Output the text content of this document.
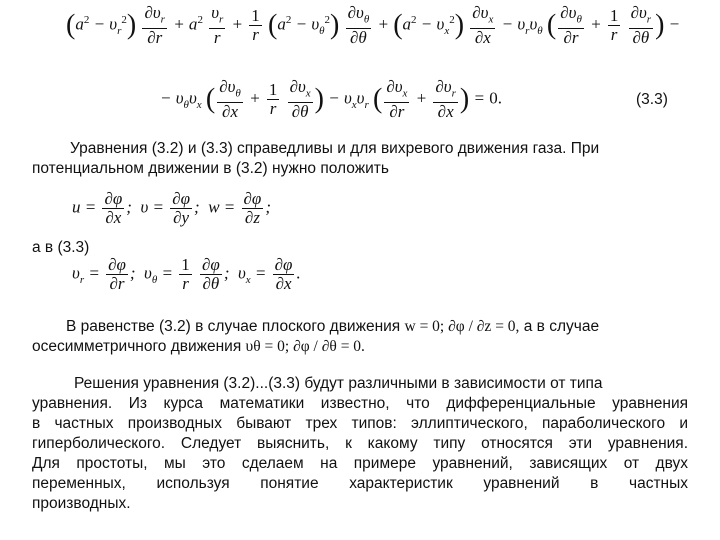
$(a^2 - \upsilon_r^2) \frac{\partial\upsilon_r}{\partial r} + a^2 \frac{\upsilon_r}{r} + \frac{1}{r} (a^2 - \upsilon_\theta^2) \frac{\partial\upsilon_\theta}{\partial\theta} + (a^2 - \upsilon_x^2) \frac{\partial\upsilon_x}{\partial x} - \upsilon_r\upsilon_\theta$ ( $\frac{\partial\upsilon_\theta}{\partial r} + \frac{1}{r}$
$\frac{\partial\upsilon_r}{\partial\theta}$ ) −
− $\upsilon_\theta\upsilon_x$ ( $\frac{\partial\upsilon_\theta}{\partial x} + \frac{1}{r}$
$\frac{\partial\upsilon_x}{\partial\theta}$ ) − $\upsilon_x\upsilon_r$ ( $\frac{\partial\upsilon_x}{\partial r} + \frac{\partial\upsilon_r}{\partial x}$ ) = 0.	(3.3)
Уравнения (3.2) и (3.3) справедливы и для вихревого движения газа. При
потенциальном движении в (3.2) нужно положить
$u = \frac{\partial\varphi}{\partial x}$ ;  $\upsilon = \frac{\partial\varphi}{\partial y}$ ;  $w = \frac{\partial\varphi}{\partial z}$ ;
а в (3.3)
$\upsilon_r = \frac{\partial\varphi}{\partial r}$ ;  $\upsilon_\theta = \frac{1}{r}$
$\frac{\partial\varphi}{\partial\theta}$ ;  $\upsilon_x = \frac{\partial\varphi}{\partial x}$ .
В равенстве (3.2) в случае плоского движения w = 0; ∂φ / ∂z = 0, а в случае
осесимметричного движения υθ = 0; ∂φ / ∂θ = 0.
Решения уравнения (3.2)...(3.3) будут различными в зависимости от типа
уравнения. Из курса математики известно, что дифференциальные уравнения
в частных производных бывают трех типов: эллиптического, параболического и
гиперболического. Следует выяснить, к какому типу относятся эти уравнения.
Для простоты, мы это сделаем на примере уравнений, зависящих от двух
переменных, используя понятие характеристик уравнений в частных
производных.
